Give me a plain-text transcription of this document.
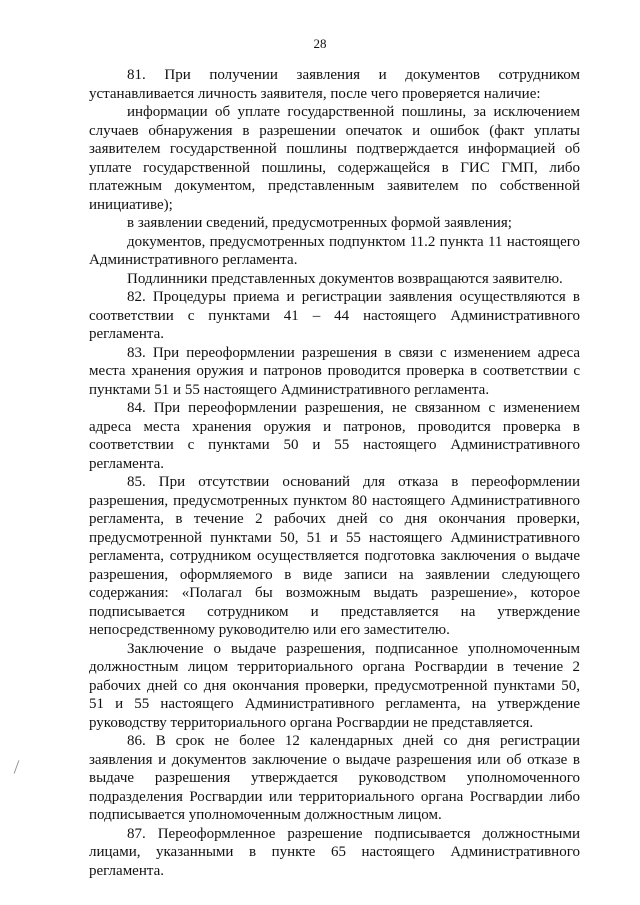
28

81. При получении заявления и документов сотрудником устанавливается личность заявителя, после чего проверяется наличие:

информации об уплате государственной пошлины, за исключением случаев обнаружения в разрешении опечаток и ошибок (факт уплаты заявителем государственной пошлины подтверждается информацией об уплате государственной пошлины, содержащейся в ГИС ГМП, либо платежным документом, представленным заявителем по собственной инициативе);

в заявлении сведений, предусмотренных формой заявления;

документов, предусмотренных подпунктом 11.2 пункта 11 настоящего Административного регламента.

Подлинники представленных документов возвращаются заявителю.

82. Процедуры приема и регистрации заявления осуществляются в соответствии с пунктами 41 – 44 настоящего Административного регламента.

83. При переоформлении разрешения в связи с изменением адреса места хранения оружия и патронов проводится проверка в соответствии с пунктами 51 и 55 настоящего Административного регламента.

84. При переоформлении разрешения, не связанном с изменением адреса места хранения оружия и патронов, проводится проверка в соответствии с пунктами 50 и 55 настоящего Административного регламента.

85. При отсутствии оснований для отказа в переоформлении разрешения, предусмотренных пунктом 80 настоящего Административного регламента, в течение 2 рабочих дней со дня окончания проверки, предусмотренной пунктами 50, 51 и 55 настоящего Административного регламента, сотрудником осуществляется подготовка заключения о выдаче разрешения, оформляемого в виде записи на заявлении следующего содержания: «Полагал бы возможным выдать разрешение», которое подписывается сотрудником и представляется на утверждение непосредственному руководителю или его заместителю.

Заключение о выдаче разрешения, подписанное уполномоченным должностным лицом территориального органа Росгвардии в течение 2 рабочих дней со дня окончания проверки, предусмотренной пунктами 50, 51 и 55 настоящего Административного регламента, на утверждение руководству территориального органа Росгвардии не представляется.

86. В срок не более 12 календарных дней со дня регистрации заявления и документов заключение о выдаче разрешения или об отказе в выдаче разрешения утверждается руководством уполномоченного подразделения Росгвардии или территориального органа Росгвардии либо подписывается уполномоченным должностным лицом.

87. Переоформленное разрешение подписывается должностными лицами, указанными в пункте 65 настоящего Административного регламента.
